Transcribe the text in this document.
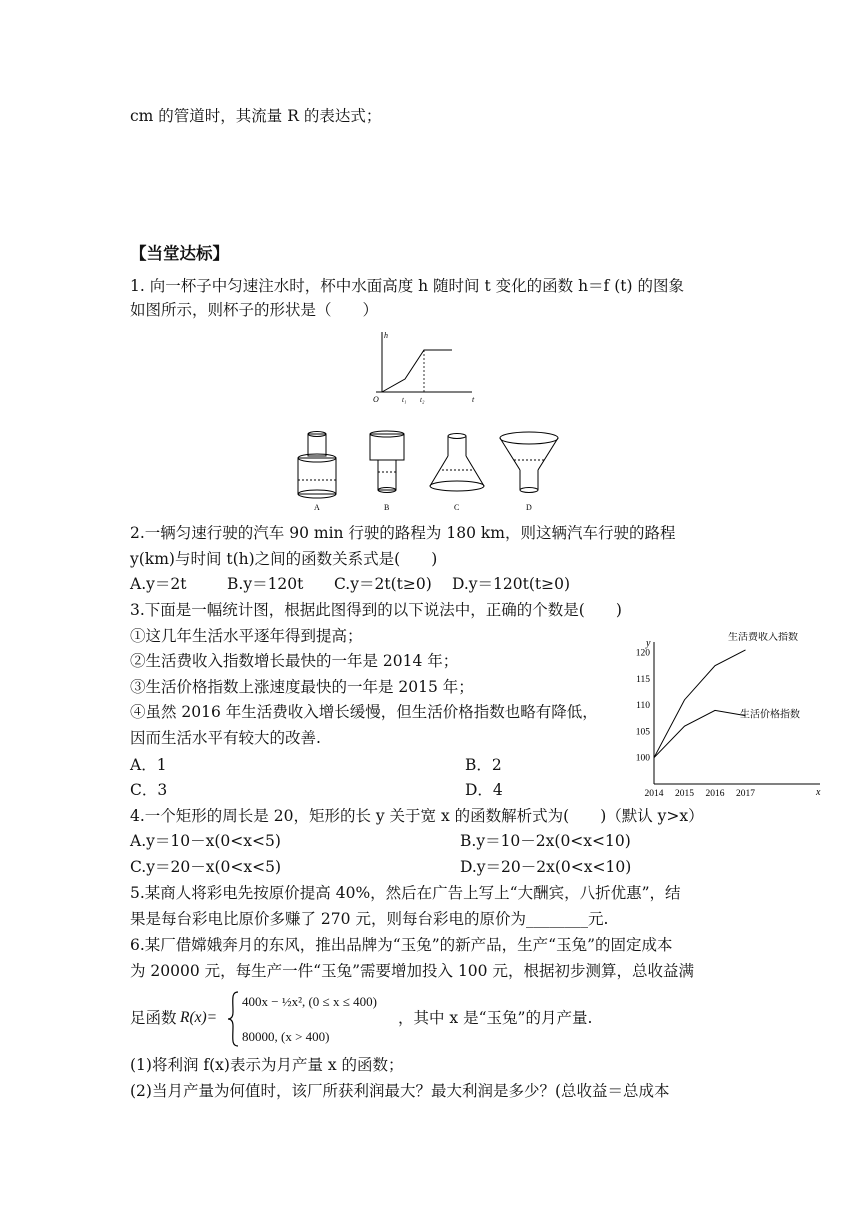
cm 的管道时，其流量 R 的表达式；
【当堂达标】
1. 向一杯子中匀速注水时，杯中水面高度 h 随时间 t 变化的函数 h＝f (t) 的图象
如图所示，则杯子的形状是（　　）
h
O	t₁ t₂	t
A	B	C	D
2.一辆匀速行驶的汽车 90 min 行驶的路程为 180 km，则这辆汽车行驶的路程
y(km)与时间 t(h)之间的函数关系式是(　　)
A.y＝2t	B.y＝120t C.y＝2t(t≥0) D.y＝120t(t≥0)
3.下面是一幅统计图，根据此图得到的以下说法中，正确的个数是(　　)
①这几年生活水平逐年得到提高；
②生活费收入指数增长最快的一年是 2014 年；
③生活价格指数上涨速度最快的一年是 2015 年；
④虽然 2016 年生活费收入增长缓慢，但生活价格指数也略有降低，
因而生活水平有较大的改善.
A．1	B．2
C．3	D．4
y
x
100
105
110
115
120
2014 2015 2016 2017
生活费收入指数
生活价格指数
4.一个矩形的周长是 20，矩形的长 y 关于宽 x 的函数解析式为(　　)（默认 y>x）
A.y＝10－x(0<x<5)	B.y＝10－2x(0<x<10)
C.y＝20－x(0<x<5)	D.y＝20－2x(0<x<10)
5.某商人将彩电先按原价提高 40%，然后在广告上写上“大酬宾，八折优惠”，结
果是每台彩电比原价多赚了 270 元，则每台彩电的原价为________元.
6.某厂借嫦娥奔月的东风，推出品牌为“玉兔”的新产品，生产“玉兔”的固定成本
为 20000 元，每生产一件“玉兔”需要增加投入 100 元，根据初步测算，总收益满
足函数 R(x)=
400x − ½x², (0 ≤ x ≤ 400)
80000, (x > 400)
，其中 x 是“玉兔”的月产量.
(1)将利润 f(x)表示为月产量 x 的函数；
(2)当月产量为何值时，该厂所获利润最大？最大利润是多少？(总收益＝总成本
